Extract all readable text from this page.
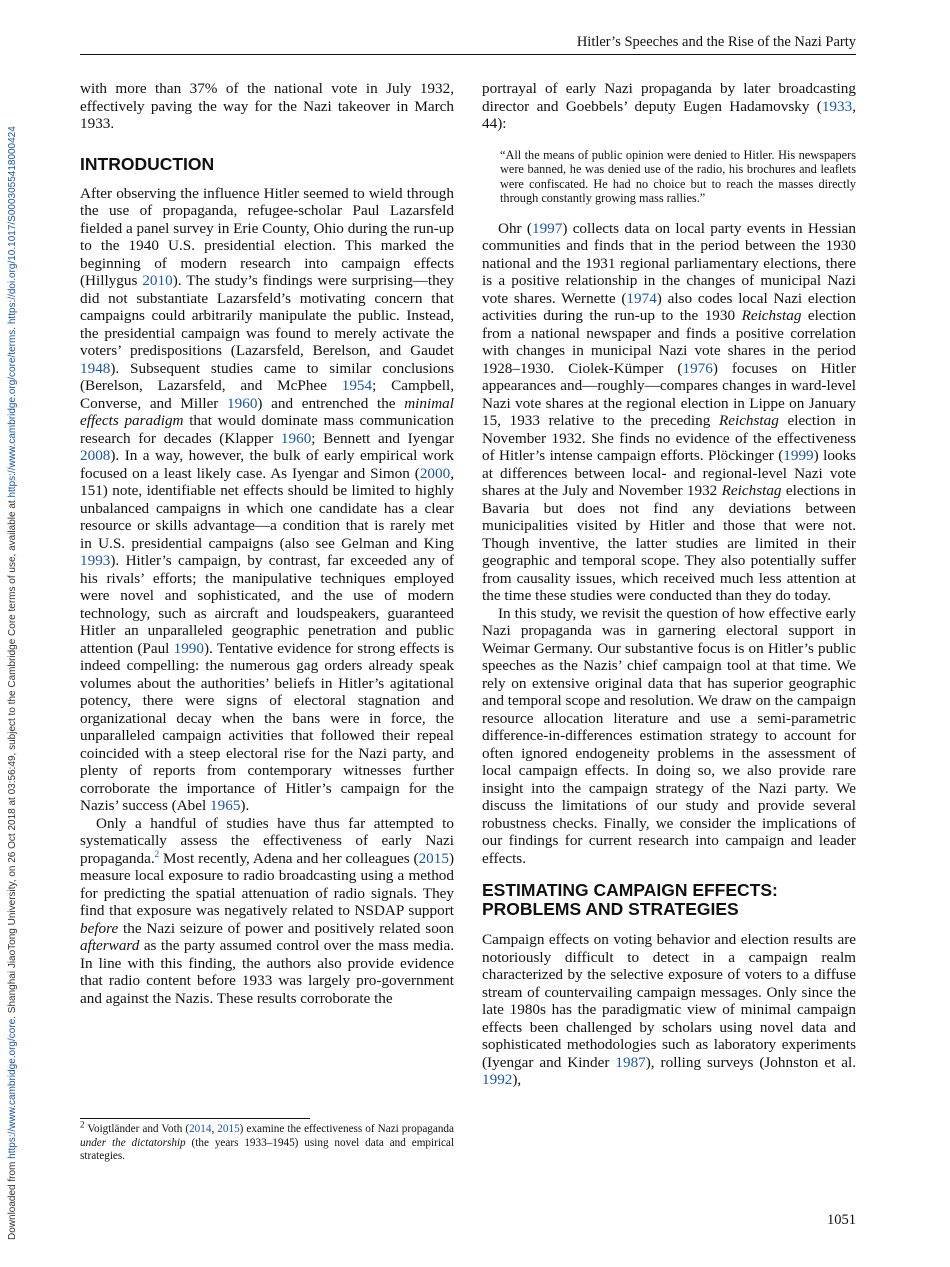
Hitler’s Speeches and the Rise of the Nazi Party
Downloaded from https://www.cambridge.org/core. Shanghai JiaoTong University, on 26 Oct 2018 at 03:56:49, subject to the Cambridge Core terms of use, available at https://www.cambridge.org/core/terms. https://doi.org/10.1017/S0003055418000424

with more than 37% of the national vote in July 1932, effectively paving the way for the Nazi takeover in March 1933.

INTRODUCTION

After observing the influence Hitler seemed to wield through the use of propaganda, refugee-scholar Paul Lazarsfeld fielded a panel survey in Erie County, Ohio during the run-up to the 1940 U.S. presidential election. This marked the beginning of modern research into campaign effects (Hillygus 2010). The study’s findings were surprising—they did not substantiate Lazarsfeld’s motivating concern that campaigns could arbitrarily manipulate the public. Instead, the presidential campaign was found to merely activate the voters’ predispositions (Lazarsfeld, Berelson, and Gaudet 1948). Subsequent studies came to similar conclusions (Berelson, Lazarsfeld, and McPhee 1954; Campbell, Converse, and Miller 1960) and entrenched the minimal effects paradigm that would dominate mass communication research for decades (Klapper 1960; Bennett and Iyengar 2008). In a way, however, the bulk of early empirical work focused on a least likely case. As Iyengar and Simon (2000, 151) note, identifiable net effects should be limited to highly unbalanced campaigns in which one candidate has a clear resource or skills advantage—a condition that is rarely met in U.S. presidential campaigns (also see Gelman and King 1993). Hitler’s campaign, by contrast, far exceeded any of his rivals’ efforts; the manipulative techniques employed were novel and sophisticated, and the use of modern technology, such as aircraft and loudspeakers, guaranteed Hitler an unparalleled geographic penetration and public attention (Paul 1990). Tentative evidence for strong effects is indeed compelling: the numerous gag orders already speak volumes about the authorities’ beliefs in Hitler’s agitational potency, there were signs of electoral stagnation and organizational decay when the bans were in force, the unparalleled campaign activities that followed their repeal coincided with a steep electoral rise for the Nazi party, and plenty of reports from contemporary witnesses further corroborate the importance of Hitler’s campaign for the Nazis’ success (Abel 1965).

Only a handful of studies have thus far attempted to systematically assess the effectiveness of early Nazi propaganda.$^2$ Most recently, Adena and her colleagues (2015) measure local exposure to radio broadcasting using a method for predicting the spatial attenuation of radio signals. They find that exposure was negatively related to NSDAP support before the Nazi seizure of power and positively related soon afterward as the party assumed control over the mass media. In line with this finding, the authors also provide evidence that radio content before 1933 was largely pro-government and against the Nazis. These results corroborate the

$^2$ Voigtländer and Voth (2014, 2015) examine the effectiveness of Nazi propaganda under the dictatorship (the years 1933–1945) using novel data and empirical strategies.

portrayal of early Nazi propaganda by later broadcasting director and Goebbels’ deputy Eugen Hadamovsky (1933, 44):

“All the means of public opinion were denied to Hitler. His newspapers were banned, he was denied use of the radio, his brochures and leaflets were confiscated. He had no choice but to reach the masses directly through constantly growing mass rallies.”

Ohr (1997) collects data on local party events in Hessian communities and finds that in the period between the 1930 national and the 1931 regional parliamentary elections, there is a positive relationship in the changes of municipal Nazi vote shares. Wernette (1974) also codes local Nazi election activities during the run-up to the 1930 Reichstag election from a national newspaper and finds a positive correlation with changes in municipal Nazi vote shares in the period 1928–1930. Ciolek-Kümper (1976) focuses on Hitler appearances and—roughly—compares changes in ward-level Nazi vote shares at the regional election in Lippe on January 15, 1933 relative to the preceding Reichstag election in November 1932. She finds no evidence of the effectiveness of Hitler’s intense campaign efforts. Plöckinger (1999) looks at differences between local- and regional-level Nazi vote shares at the July and November 1932 Reichstag elections in Bavaria but does not find any deviations between municipalities visited by Hitler and those that were not. Though inventive, the latter studies are limited in their geographic and temporal scope. They also potentially suffer from causality issues, which received much less attention at the time these studies were conducted than they do today.

In this study, we revisit the question of how effective early Nazi propaganda was in garnering electoral support in Weimar Germany. Our substantive focus is on Hitler’s public speeches as the Nazis’ chief campaign tool at that time. We rely on extensive original data that has superior geographic and temporal scope and resolution. We draw on the campaign resource allocation literature and use a semi-parametric difference-in-differences estimation strategy to account for often ignored endogeneity problems in the assessment of local campaign effects. In doing so, we also provide rare insight into the campaign strategy of the Nazi party. We discuss the limitations of our study and provide several robustness checks. Finally, we consider the implications of our findings for current research into campaign and leader effects.

ESTIMATING CAMPAIGN EFFECTS:
PROBLEMS AND STRATEGIES

Campaign effects on voting behavior and election results are notoriously difficult to detect in a campaign realm characterized by the selective exposure of voters to a diffuse stream of countervailing campaign messages. Only since the late 1980s has the paradigmatic view of minimal campaign effects been challenged by scholars using novel data and sophisticated methodologies such as laboratory experiments (Iyengar and Kinder 1987), rolling surveys (Johnston et al. 1992),

1051
